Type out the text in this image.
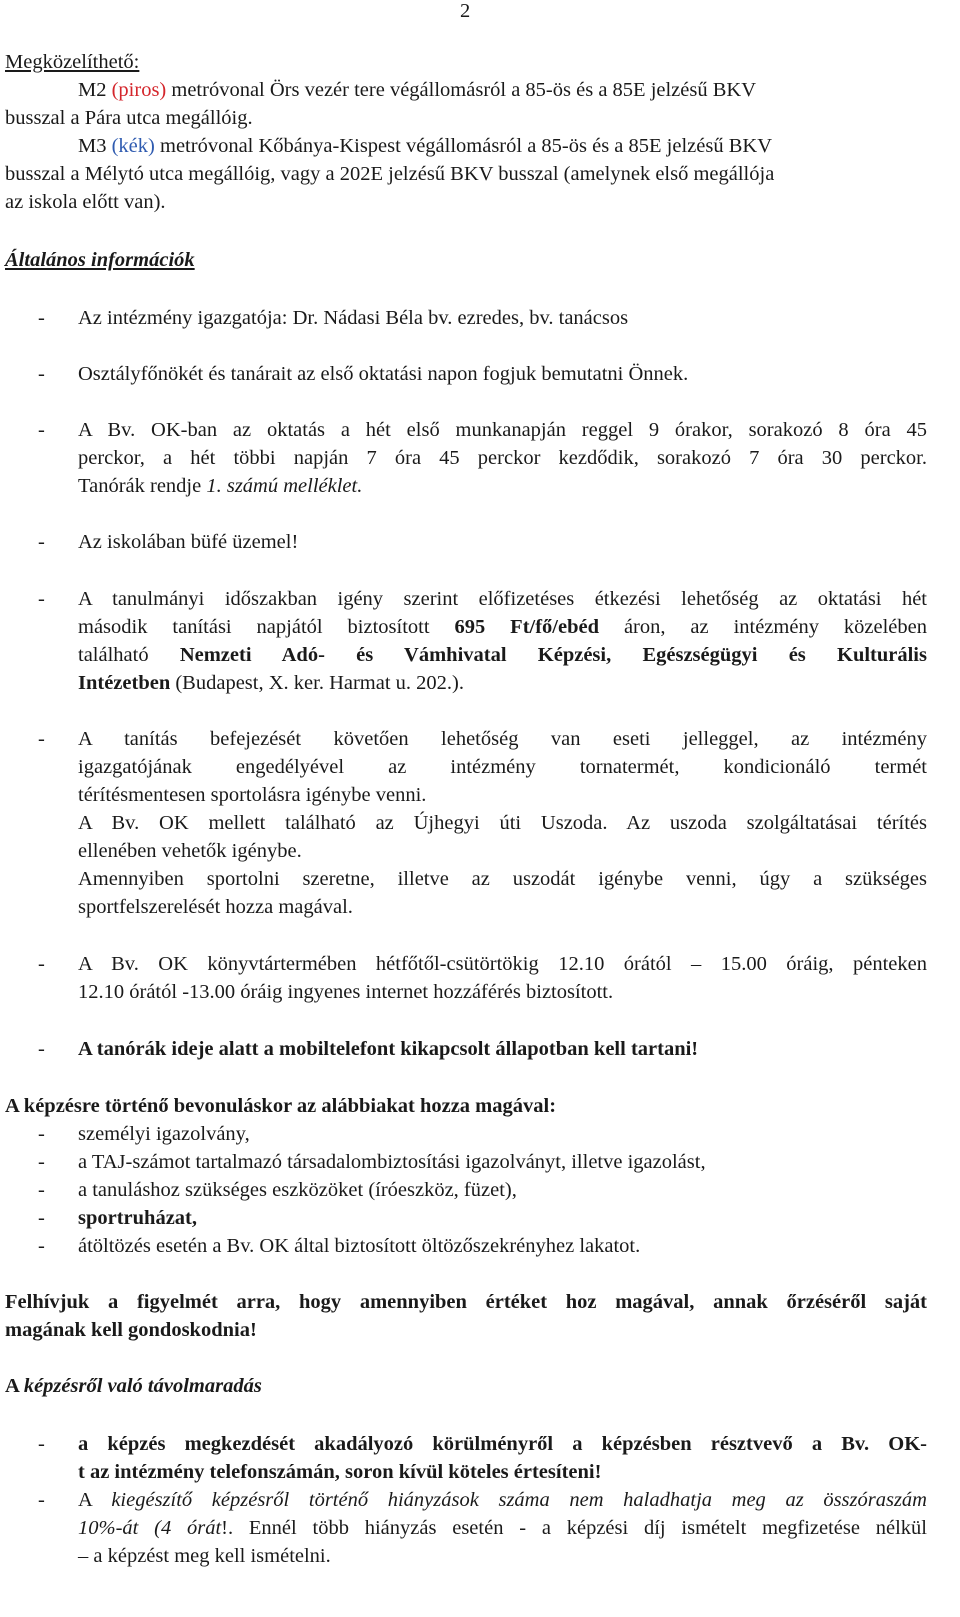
2
Megközelíthető:
M2 (piros) metróvonal Örs vezér tere végállomásról a 85-ös és a 85E jelzésű BKV
busszal a Pára utca megállóig.
M3 (kék) metróvonal Kőbánya-Kispest végállomásról a 85-ös és a 85E jelzésű BKV
busszal a Mélytó utca megállóig, vagy a 202E jelzésű BKV busszal (amelynek első megállója
az iskola előtt van).
Általános információk
- Az intézmény igazgatója: Dr. Nádasi Béla bv. ezredes, bv. tanácsos
- Osztályfőnökét és tanárait az első oktatási napon fogjuk bemutatni Önnek.
- A Bv. OK-ban az oktatás a hét első munkanapján reggel 9 órakor, sorakozó 8 óra 45
perckor, a hét többi napján 7 óra 45 perckor kezdődik, sorakozó 7 óra 30 perckor.
Tanórák rendje 1. számú melléklet.
- Az iskolában büfé üzemel!
- A tanulmányi időszakban igény szerint előfizetéses étkezési lehetőség az oktatási hét
második tanítási napjától biztosított 695 Ft/fő/ebéd áron, az intézmény közelében
található Nemzeti Adó- és Vámhivatal Képzési, Egészségügyi és Kulturális
Intézetben (Budapest, X. ker. Harmat u. 202.).
- A tanítás befejezését követően lehetőség van eseti jelleggel, az intézmény
igazgatójának engedélyével az intézmény tornatermét, kondicionáló termét
térítésmentesen sportolásra igénybe venni.
A Bv. OK mellett található az Újhegyi úti Uszoda. Az uszoda szolgáltatásai térítés
ellenében vehetők igénybe.
Amennyiben sportolni szeretne, illetve az uszodát igénybe venni, úgy a szükséges
sportfelszerelését hozza magával.
- A Bv. OK könyvtártermében hétfőtől-csütörtökig 12.10 órától – 15.00 óráig, pénteken
12.10 órától -13.00 óráig ingyenes internet hozzáférés biztosított.
- A tanórák ideje alatt a mobiltelefont kikapcsolt állapotban kell tartani!
A képzésre történő bevonuláskor az alábbiakat hozza magával:
- személyi igazolvány,
- a TAJ-számot tartalmazó társadalombiztosítási igazolványt, illetve igazolást,
- a tanuláshoz szükséges eszközöket (íróeszköz, füzet),
- sportruházat,
- átöltözés esetén a Bv. OK által biztosított öltözőszekrényhez lakatot.
Felhívjuk a figyelmét arra, hogy amennyiben értéket hoz magával, annak őrzéséről saját
magának kell gondoskodnia!
A képzésről való távolmaradás
- a képzés megkezdését akadályozó körülményről a képzésben résztvevő a Bv. OK-
t az intézmény telefonszámán, soron kívül köteles értesíteni!
- A kiegészítő képzésről történő hiányzások száma nem haladhatja meg az összóraszám
10%-át (4 órát!. Ennél több hiányzás esetén - a képzési díj ismételt megfizetése nélkül
– a képzést meg kell ismételni.
